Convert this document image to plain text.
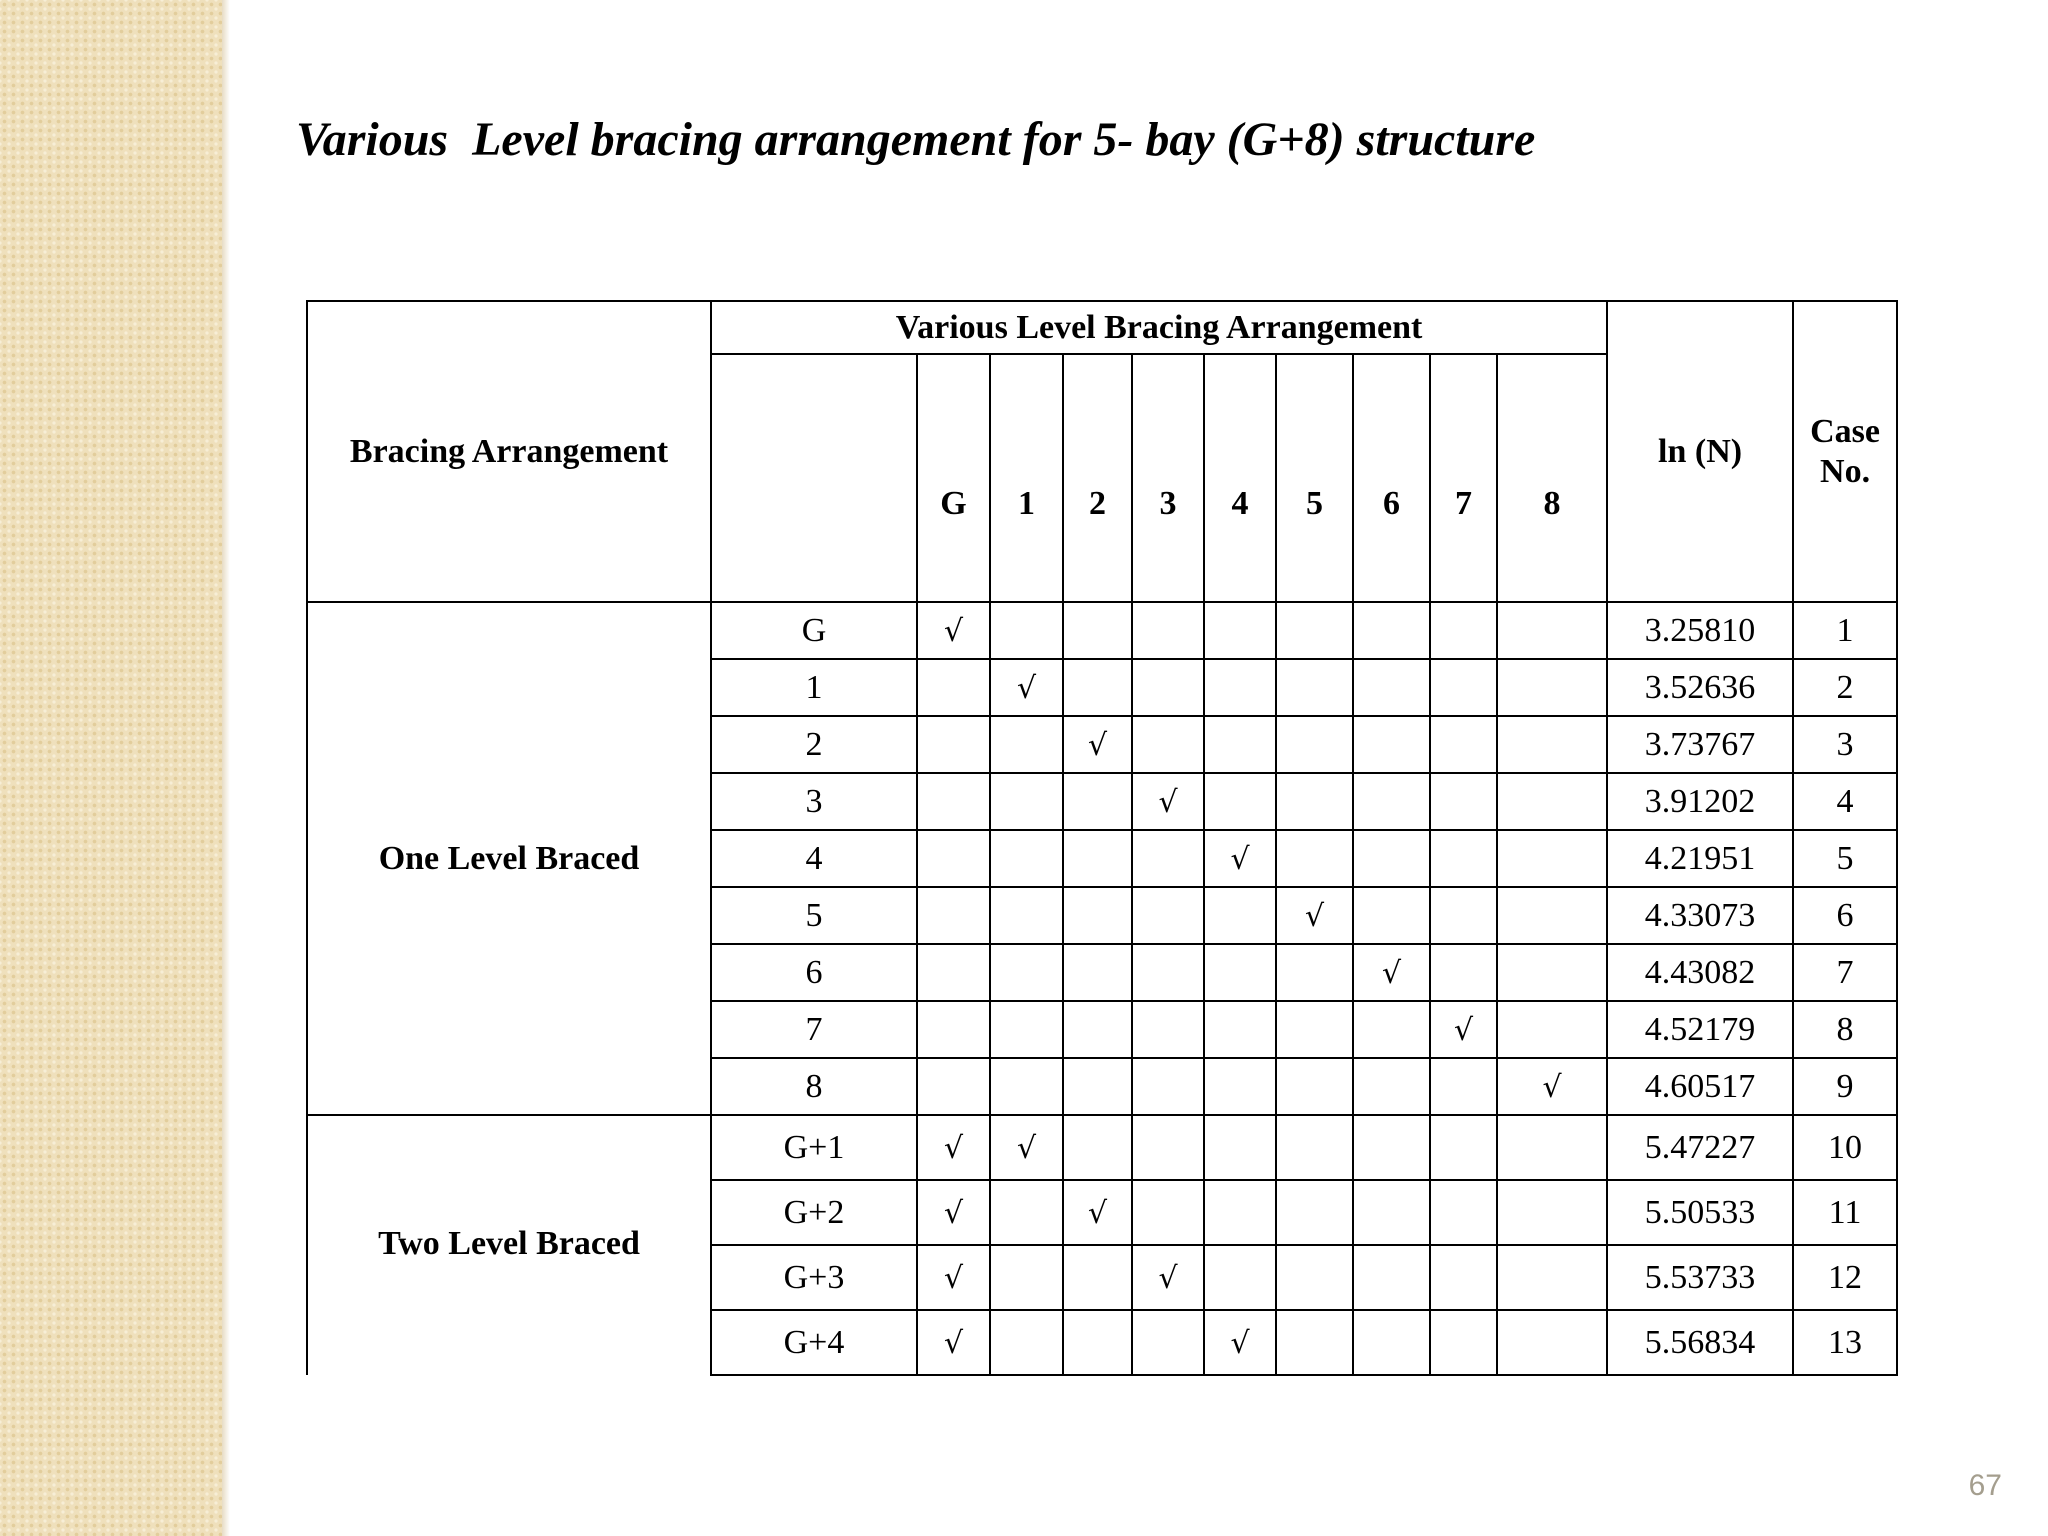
Various  Level bracing arrangement for 5- bay (G+8) structure
Bracing Arrangement	Various Level Bracing Arrangement										ln (N)	Case
No.
		G	1	2	3	4	5	6	7	8		
One Level Braced	G	√									3.25810	1
	1		√								3.52636	2
	2			√							3.73767	3
	3				√						3.91202	4
	4					√					4.21951	5
	5						√				4.33073	6
	6							√			4.43082	7
	7								√		4.52179	8
	8									√	4.60517	9

Two Level Braced	G+1	√	√								5.47227	10
	G+2	√		√							5.50533	11
	G+3	√			√						5.53733	12
	G+4	√				√					5.56834	13
67
